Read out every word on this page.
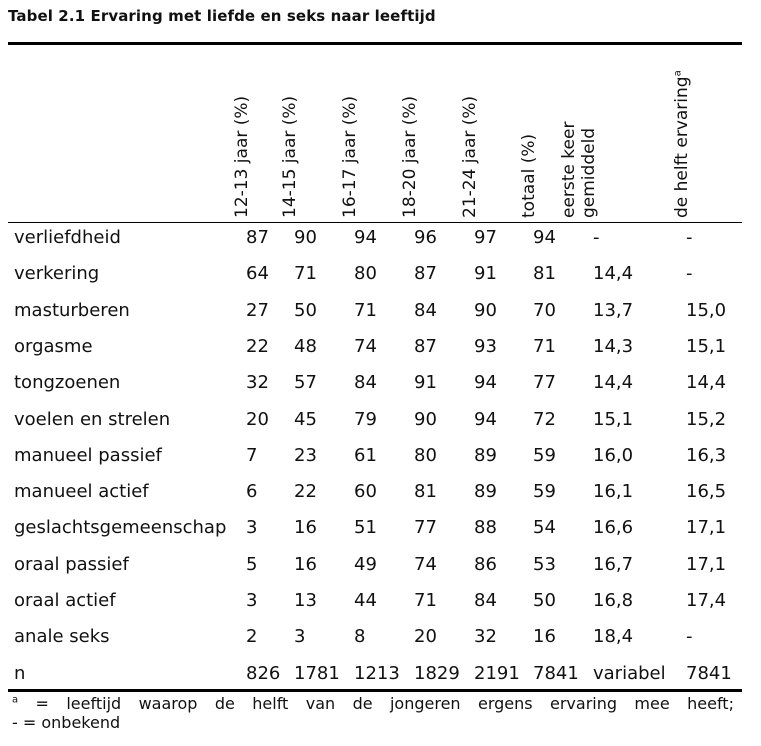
Tabel 2.1 Ervaring met liefde en seks naar leeftijd
12-13 jaar (%) 14-15 jaar (%) 16-17 jaar (%) 18-20 jaar (%) 21-24 jaar (%) totaal (%) eerste keer gemiddeld	de helft ervaring$^a$
verliefdheid	87 90 94 96 97 94 -	-
verkering	64 71 80 87 91 81 14,4	-
masturberen	27 50 71 84 90 70 13,7	15,0
orgasme	22 48 74 87 93 71 14,3	15,1
tongzoenen	32 57 84 91 94 77 14,4	14,4
voelen en strelen	20 45 79 90 94 72 15,1	15,2
manueel passief	7 23 61 80 89 59 16,0	16,3
manueel actief	6 22 60 81 89 59 16,1	16,5
geslachtsgemeenschap 3 16 51 77 88 54 16,6	17,1
oraal passief	5 16 49 74 86 53 16,7	17,1
oraal actief	3 13 44 71 84 50 16,8	17,4
anale seks	2 3	8	20 32 16 18,4	-
n	826 1781 1213 1829 2191 7841 variabel 7841
$^a$ = leeftijd waarop de helft van de jongeren ergens ervaring mee heeft;
- = onbekend
